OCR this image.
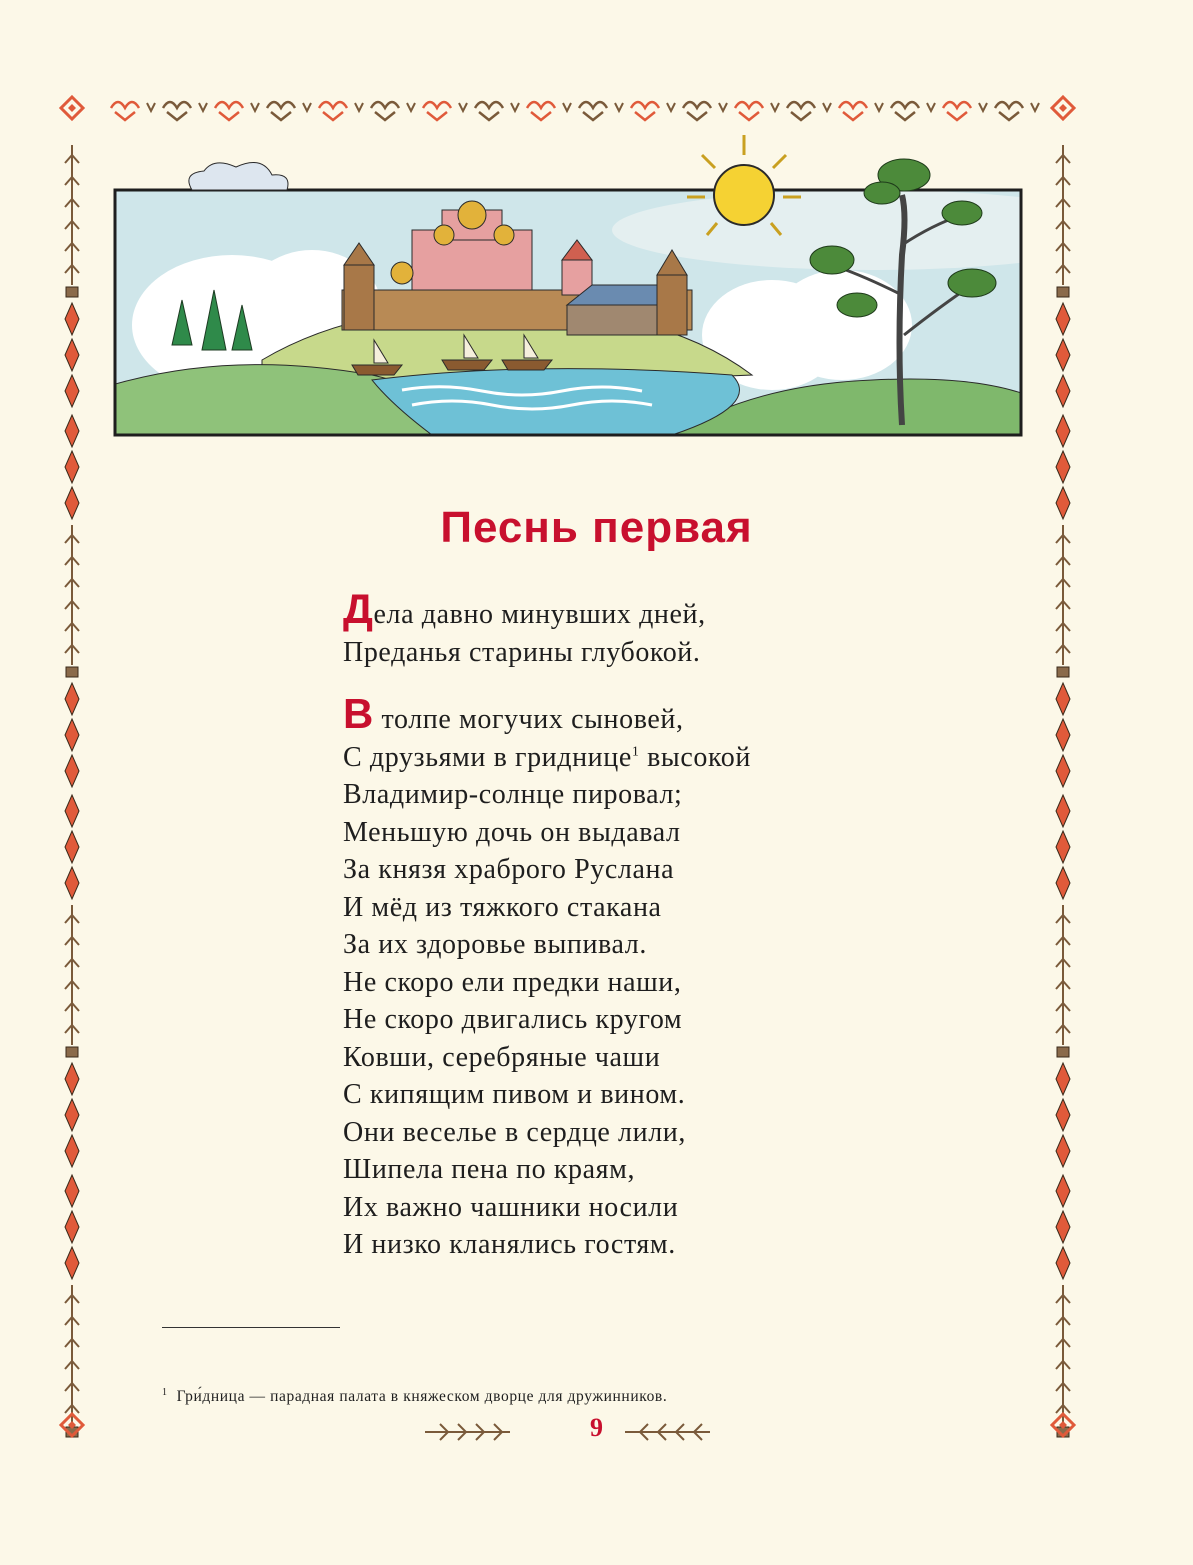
Песнь первая

Дела давно минувших дней,

Преданья старины глубокой.

В толпе могучих сыновей,

С друзьями в гриднице$^1$ высокой

Владимир-солнце пировал;

Меньшую дочь он выдавал

За князя храброго Руслана

И мёд из тяжкого стакана

За их здоровье выпивал.

Не скоро ели предки наши,

Не скоро двигались кругом

Ковши, серебряные чаши

С кипящим пивом и вином.

Они веселье в сердце лили,

Шипела пена по краям,

Их важно чашники носили

И низко кланялись гостям.

$^1$ Гри́дница — парадная палата в княжеском дворце для дружинников.
9
